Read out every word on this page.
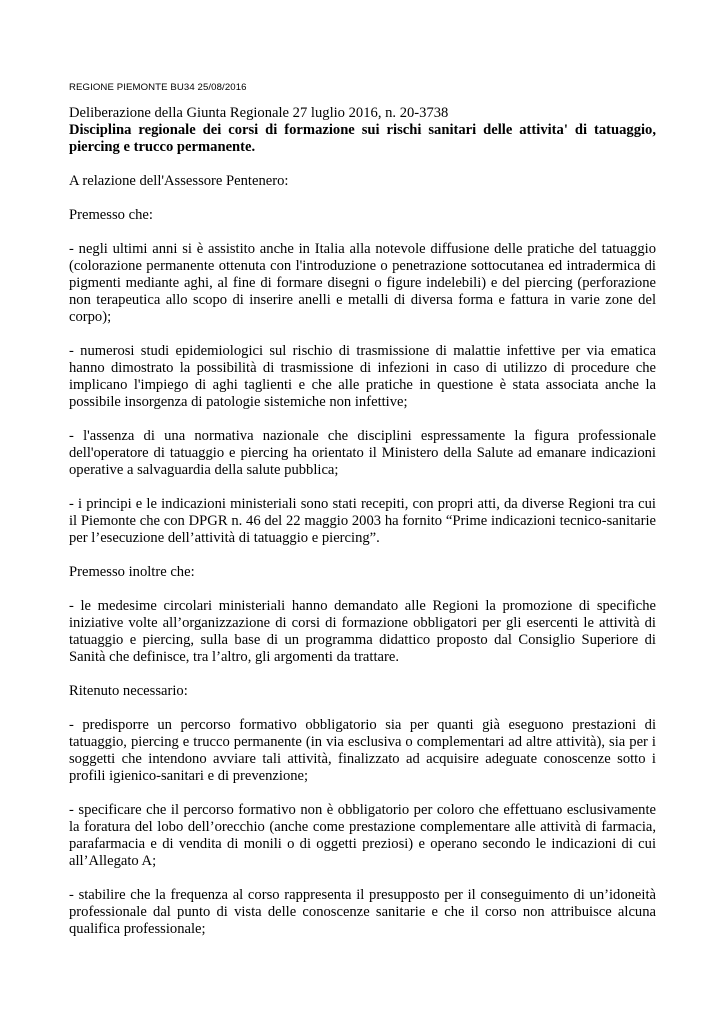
REGIONE PIEMONTE BU34 25/08/2016

Deliberazione della Giunta Regionale 27 luglio 2016, n. 20-3738

Disciplina regionale dei corsi di formazione sui rischi sanitari delle attivita' di tatuaggio, piercing e trucco permanente.

A relazione dell'Assessore Pentenero:

Premesso che:

- negli ultimi anni si è assistito anche in Italia alla notevole diffusione delle pratiche del tatuaggio (colorazione permanente ottenuta con l'introduzione o penetrazione sottocutanea ed intradermica di pigmenti mediante aghi, al fine di formare disegni o figure indelebili) e del piercing (perforazione non terapeutica allo scopo di inserire anelli e metalli di diversa forma e fattura in varie zone del corpo);

- numerosi studi epidemiologici sul rischio di trasmissione di malattie infettive per via ematica hanno dimostrato la possibilità di trasmissione di infezioni in caso di utilizzo di procedure che implicano l'impiego di aghi taglienti e che alle pratiche in questione è stata associata anche la possibile insorgenza di patologie sistemiche non infettive;

- l'assenza di una normativa nazionale che disciplini espressamente la figura professionale dell'operatore di tatuaggio e piercing ha orientato il Ministero della Salute ad emanare indicazioni operative a salvaguardia della salute pubblica;

- i principi e le indicazioni ministeriali sono stati recepiti, con propri atti, da diverse Regioni tra cui il Piemonte che con DPGR n. 46 del 22 maggio 2003 ha fornito “Prime indicazioni tecnico-sanitarie per l’esecuzione dell’attività di tatuaggio e piercing”.

Premesso inoltre che:

- le medesime circolari ministeriali hanno demandato alle Regioni la promozione di specifiche iniziative volte all’organizzazione di corsi di formazione obbligatori per gli esercenti le attività di tatuaggio e piercing, sulla base di un programma didattico proposto dal Consiglio Superiore di Sanità che definisce, tra l’altro, gli argomenti da trattare.

Ritenuto necessario:

- predisporre un percorso formativo obbligatorio sia per quanti già eseguono prestazioni di tatuaggio, piercing e trucco permanente (in via esclusiva o complementari ad altre attività), sia per i soggetti che intendono avviare tali attività, finalizzato ad acquisire adeguate conoscenze sotto i profili igienico-sanitari e di prevenzione;

- specificare che il percorso formativo non è obbligatorio per coloro che effettuano esclusivamente la foratura del lobo dell’orecchio (anche come prestazione complementare alle attività di farmacia, parafarmacia e di vendita di monili o di oggetti preziosi) e operano secondo le indicazioni di cui all’Allegato A;

- stabilire che la frequenza al corso rappresenta il presupposto per il conseguimento di un’idoneità professionale dal punto di vista delle conoscenze sanitarie e che il corso non attribuisce alcuna qualifica professionale;
